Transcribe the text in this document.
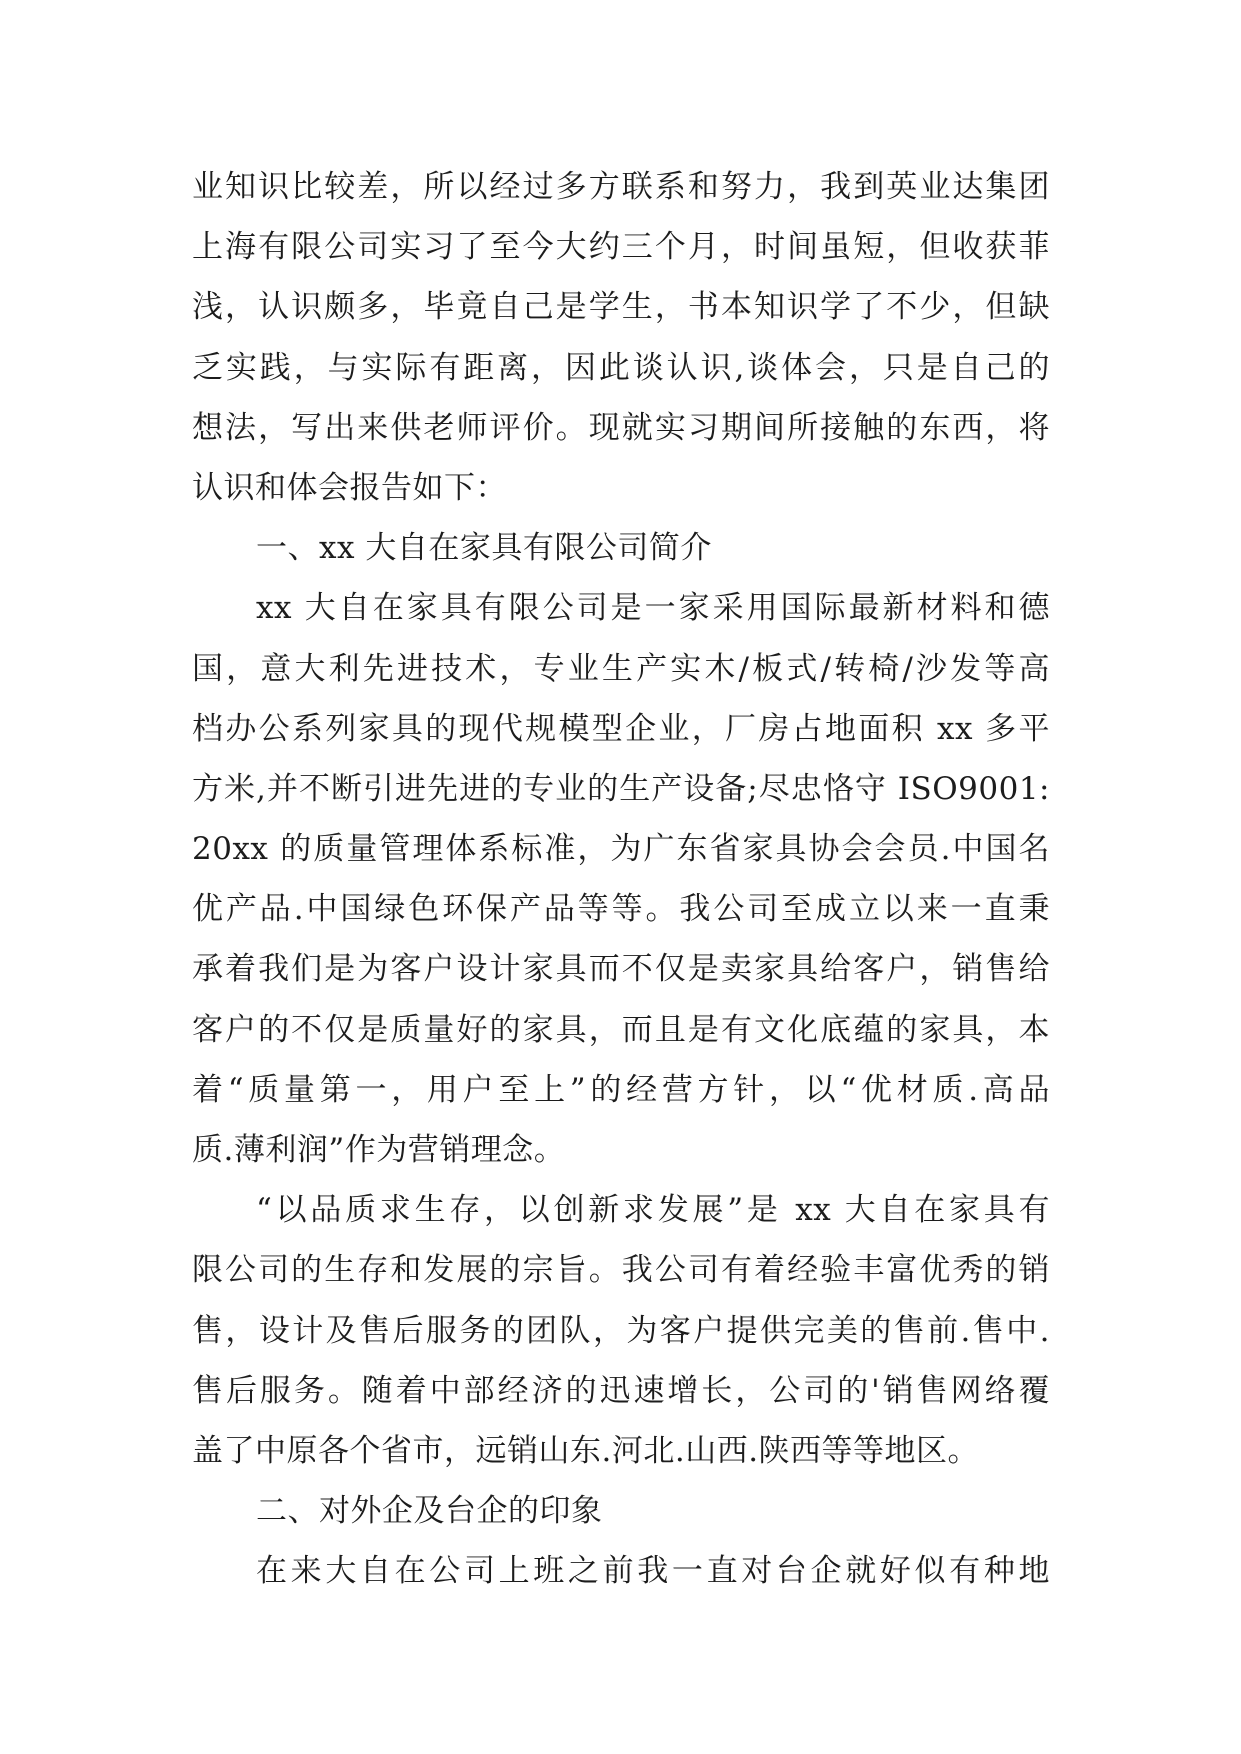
业知识比较差，所以经过多方联系和努力，我到英业达集团
上海有限公司实习了至今大约三个月，时间虽短，但收获菲
浅，认识颇多，毕竟自己是学生，书本知识学了不少，但缺
乏实践，与实际有距离，因此谈认识,谈体会，只是自己的
想法，写出来供老师评价。现就实习期间所接触的东西，将
认识和体会报告如下：
一、xx 大自在家具有限公司简介
xx 大自在家具有限公司是一家采用国际最新材料和德
国，意大利先进技术，专业生产实木/板式/转椅/沙发等高
档办公系列家具的现代规模型企业，厂房占地面积 xx 多平
方米,并不断引进先进的专业的生产设备;尽忠恪守 ISO9001:
20xx 的质量管理体系标准，为广东省家具协会会员.中国名
优产品.中国绿色环保产品等等。我公司至成立以来一直秉
承着我们是为客户设计家具而不仅是卖家具给客户，销售给
客户的不仅是质量好的家具，而且是有文化底蕴的家具，本
着“质量第一，用户至上”的经营方针，以“优材质.高品
质.薄利润”作为营销理念。
“以品质求生存，以创新求发展”是 xx 大自在家具有
限公司的生存和发展的宗旨。我公司有着经验丰富优秀的销
售，设计及售后服务的团队，为客户提供完美的售前.售中.
售后服务。随着中部经济的迅速增长，公司的'销售网络覆
盖了中原各个省市，远销山东.河北.山西.陕西等等地区。
二、对外企及台企的印象
在来大自在公司上班之前我一直对台企就好似有种地
